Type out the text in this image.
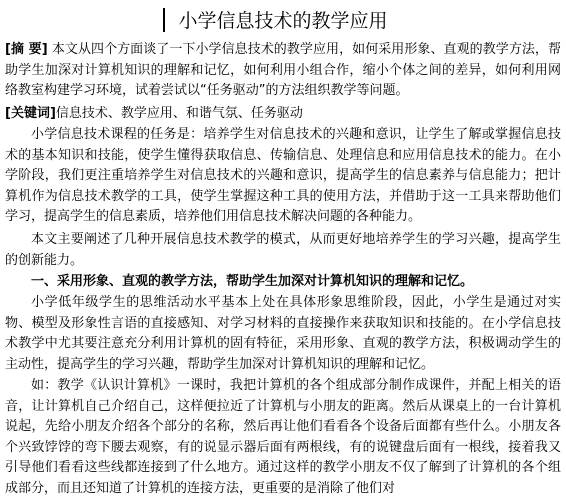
小学信息技术的教学应用

[摘 要] 本文从四个方面谈了一下小学信息技术的教学应用，如何采用形象、直观的教学方法，帮助学生加深对计算机知识的理解和记忆，如何利用小组合作，缩小个体之间的差异，如何利用网络教室构建学习环境，试着尝试以“任务驱动”的方法组织教学等问题。

[关键词]信息技术、教学应用、和谐气氛、任务驱动

小学信息技术课程的任务是：培养学生对信息技术的兴趣和意识，让学生了解或掌握信息技术的基本知识和技能，使学生懂得获取信息、传输信息、处理信息和应用信息技术的能力。在小学阶段，我们更注重培养学生对信息技术的兴趣和意识，提高学生的信息素养与信息能力；把计算机作为信息技术教学的工具，使学生掌握这种工具的使用方法，并借助于这一工具来帮助他们学习，提高学生的信息素质，培养他们用信息技术解决问题的各种能力。

本文主要阐述了几种开展信息技术教学的模式，从而更好地培养学生的学习兴趣，提高学生的创新能力。

一、采用形象、直观的教学方法，帮助学生加深对计算机知识的理解和记忆。

小学低年级学生的思维活动水平基本上处在具体形象思维阶段，因此，小学生是通过对实物、模型及形象性言语的直接感知、对学习材料的直接操作来获取知识和技能的。在小学信息技术教学中尤其要注意充分利用计算机的固有特征，采用形象、直观的教学方法，积极调动学生的主动性，提高学生的学习兴趣，帮助学生加深对计算机知识的理解和记忆。

如：教学《认识计算机》一课时，我把计算机的各个组成部分制作成课件，并配上相关的语音，让计算机自己介绍自己，这样便拉近了计算机与小朋友的距离。然后从课桌上的一台计算机说起，先给小朋友介绍各个部分的名称，然后再让他们看看各个设备后面都有些什么。小朋友各个兴致饽饽的弯下腰去观察，有的说显示器后面有两根线，有的说键盘后面有一根线，接着我又引导他们看看这些线都连接到了什么地方。通过这样的教学小朋友不仅了解到了计算机的各个组成部分，而且还知道了计算机的连接方法，更重要的是消除了他们对
